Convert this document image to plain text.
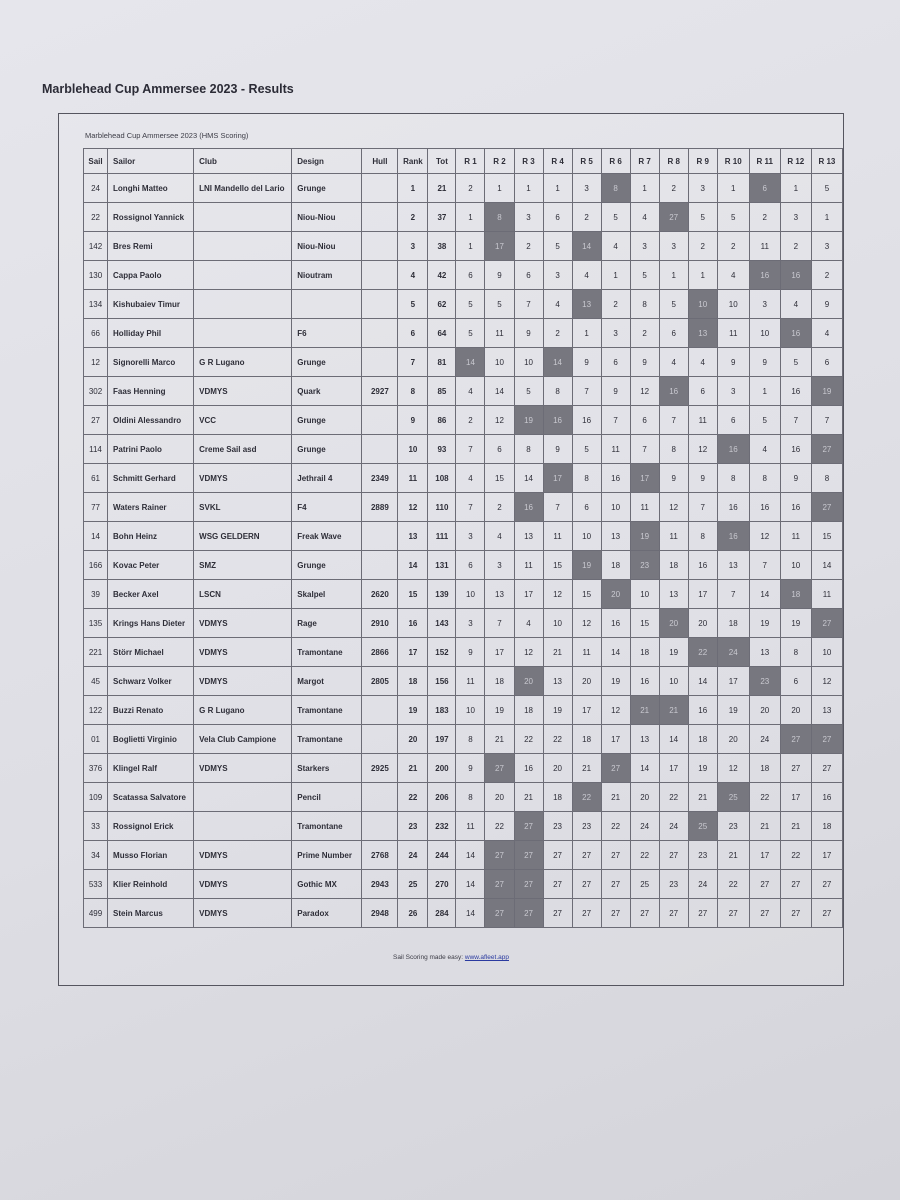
Marblehead Cup Ammersee 2023 - Results
Marblehead Cup Ammersee 2023 (HMS Scoring)
Sail	Sailor	Club	Design	Hull	Rank	Tot	R 1	R 2	R 3	R 4	R 5	R 6	R 7	R 8	R 9	R 10	R 11	R 12	R 13
24	Longhi Matteo	LNI Mandello del Lario	Grunge		1	21	2	1	1	1	3	8	1	2	3	1	6	1	5
22	Rossignol Yannick		Niou-Niou		2	37	1	8	3	6	2	5	4	27	5	5	2	3	1
142	Bres Remi		Niou-Niou		3	38	1	17	2	5	14	4	3	3	2	2	11	2	3
130	Cappa Paolo		Nioutram		4	42	6	9	6	3	4	1	5	1	1	4	16	16	2
134	Kishubaiev Timur				5	62	5	5	7	4	13	2	8	5	10	10	3	4	9
66	Holliday Phil		F6		6	64	5	11	9	2	1	3	2	6	13	11	10	16	4
12	Signorelli Marco	G R Lugano	Grunge		7	81	14	10	10	14	9	6	9	4	4	9	9	5	6
302	Faas Henning	VDMYS	Quark	2927	8	85	4	14	5	8	7	9	12	16	6	3	1	16	19
27	Oldini Alessandro	VCC	Grunge		9	86	2	12	19	16	16	7	6	7	11	6	5	7	7
114	Patrini Paolo	Creme Sail asd	Grunge		10	93	7	6	8	9	5	11	7	8	12	16	4	16	27
61	Schmitt Gerhard	VDMYS	Jethrail 4	2349	11	108	4	15	14	17	8	16	17	9	9	8	8	9	8
77	Waters Rainer	SVKL	F4	2889	12	110	7	2	16	7	6	10	11	12	7	16	16	16	27
14	Bohn Heinz	WSG GELDERN	Freak Wave		13	111	3	4	13	11	10	13	19	11	8	16	12	11	15
166	Kovac Peter	SMZ	Grunge		14	131	6	3	11	15	19	18	23	18	16	13	7	10	14
39	Becker Axel	LSCN	Skalpel	2620	15	139	10	13	17	12	15	20	10	13	17	7	14	18	11
135	Krings Hans Dieter	VDMYS	Rage	2910	16	143	3	7	4	10	12	16	15	20	20	18	19	19	27
221	Störr Michael	VDMYS	Tramontane	2866	17	152	9	17	12	21	11	14	18	19	22	24	13	8	10
45	Schwarz Volker	VDMYS	Margot	2805	18	156	11	18	20	13	20	19	16	10	14	17	23	6	12
122	Buzzi Renato	G R Lugano	Tramontane		19	183	10	19	18	19	17	12	21	21	16	19	20	20	13
01	Boglietti Virginio	Vela Club Campione	Tramontane		20	197	8	21	22	22	18	17	13	14	18	20	24	27	27
376	Klingel Ralf	VDMYS	Starkers	2925	21	200	9	27	16	20	21	27	14	17	19	12	18	27	27
109	Scatassa Salvatore		Pencil		22	206	8	20	21	18	22	21	20	22	21	25	22	17	16
33	Rossignol Erick		Tramontane		23	232	11	22	27	23	23	22	24	24	25	23	21	21	18
34	Musso Florian	VDMYS	Prime Number	2768	24	244	14	27	27	27	27	27	22	27	23	21	17	22	17
533	Klier Reinhold	VDMYS	Gothic MX	2943	25	270	14	27	27	27	27	27	25	23	24	22	27	27	27
499	Stein Marcus	VDMYS	Paradox	2948	26	284	14	27	27	27	27	27	27	27	27	27	27	27	27
Sail Scoring made easy: www.afleet.app
